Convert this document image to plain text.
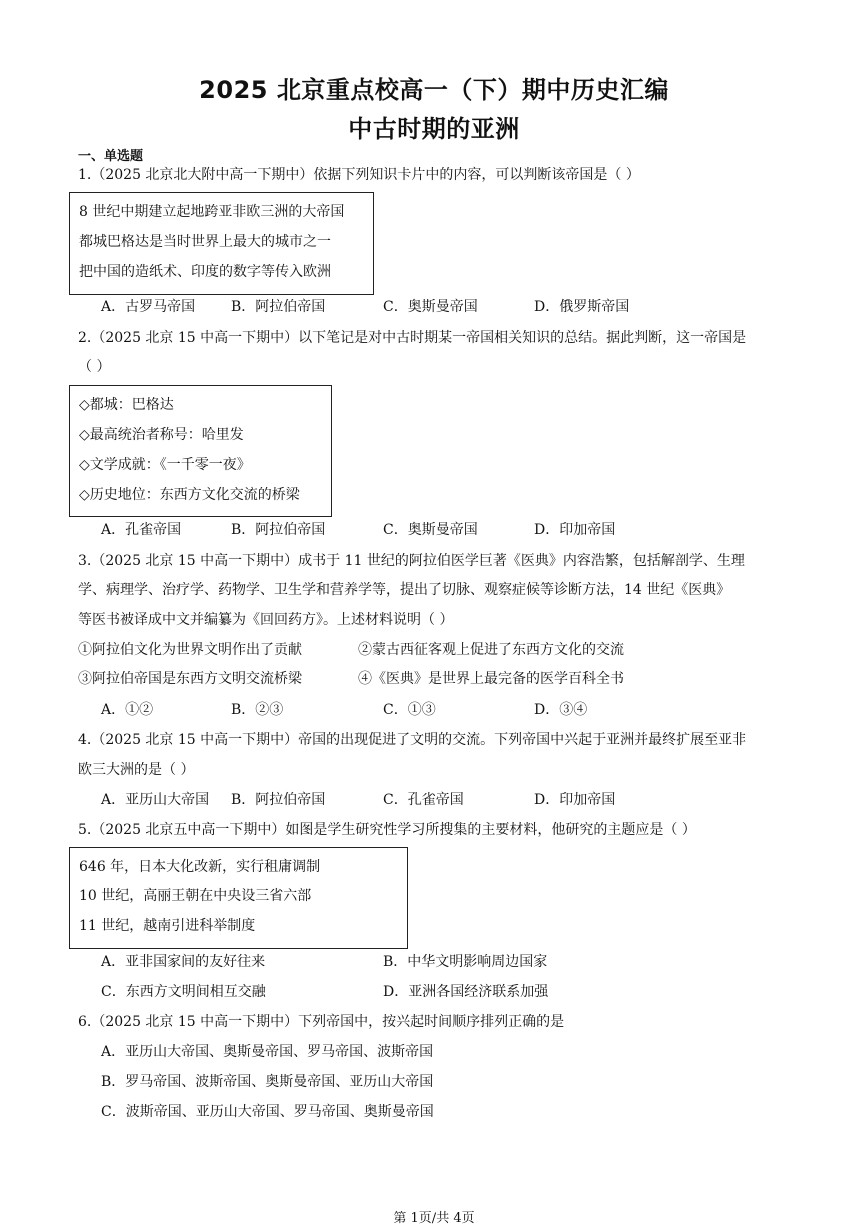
2025 北京重点校高一（下）期中历史汇编
中古时期的亚洲
一、单选题
1.（2025 北京北大附中高一下期中）依据下列知识卡片中的内容，可以判断该帝国是（ ）
8 世纪中期建立起地跨亚非欧三洲的大帝国
都城巴格达是当时世界上最大的城市之一
把中国的造纸术、印度的数字等传入欧洲
A．古罗马帝国	B．阿拉伯帝国	C．奥斯曼帝国	D．俄罗斯帝国
2.（2025 北京 15 中高一下期中）以下笔记是对中古时期某一帝国相关知识的总结。据此判断，这一帝国是
（ ）
◇都城：巴格达
◇最高统治者称号：哈里发
◇文学成就：《一千零一夜》
◇历史地位：东西方文化交流的桥梁
A．孔雀帝国	B．阿拉伯帝国	C．奥斯曼帝国	D．印加帝国
3.（2025 北京 15 中高一下期中）成书于 11 世纪的阿拉伯医学巨著《医典》内容浩繁，包括解剖学、生理
学、病理学、治疗学、药物学、卫生学和营养学等，提出了切脉、观察症候等诊断方法，14 世纪《医典》
等医书被译成中文并编纂为《回回药方》。上述材料说明（ ）
①阿拉伯文化为世界文明作出了贡献	②蒙古西征客观上促进了东西方文化的交流
③阿拉伯帝国是东西方文明交流桥梁	④《医典》是世界上最完备的医学百科全书
A．①②	B．②③	C．①③	D．③④
4.（2025 北京 15 中高一下期中）帝国的出现促进了文明的交流。下列帝国中兴起于亚洲并最终扩展至亚非
欧三大洲的是（ ）
A．亚历山大帝国 B．阿拉伯帝国	C．孔雀帝国	D．印加帝国
5.（2025 北京五中高一下期中）如图是学生研究性学习所搜集的主要材料，他研究的主题应是（ ）
646 年，日本大化改新，实行租庸调制
10 世纪，高丽王朝在中央设三省六部
11 世纪，越南引进科举制度
A．亚非国家间的友好往来	B．中华文明影响周边国家
C．东西方文明间相互交融	D．亚洲各国经济联系加强
6.（2025 北京 15 中高一下期中）下列帝国中，按兴起时间顺序排列正确的是
A．亚历山大帝国、奥斯曼帝国、罗马帝国、波斯帝国
B．罗马帝国、波斯帝国、奥斯曼帝国、亚历山大帝国
C．波斯帝国、亚历山大帝国、罗马帝国、奥斯曼帝国
第 1页/共 4页
